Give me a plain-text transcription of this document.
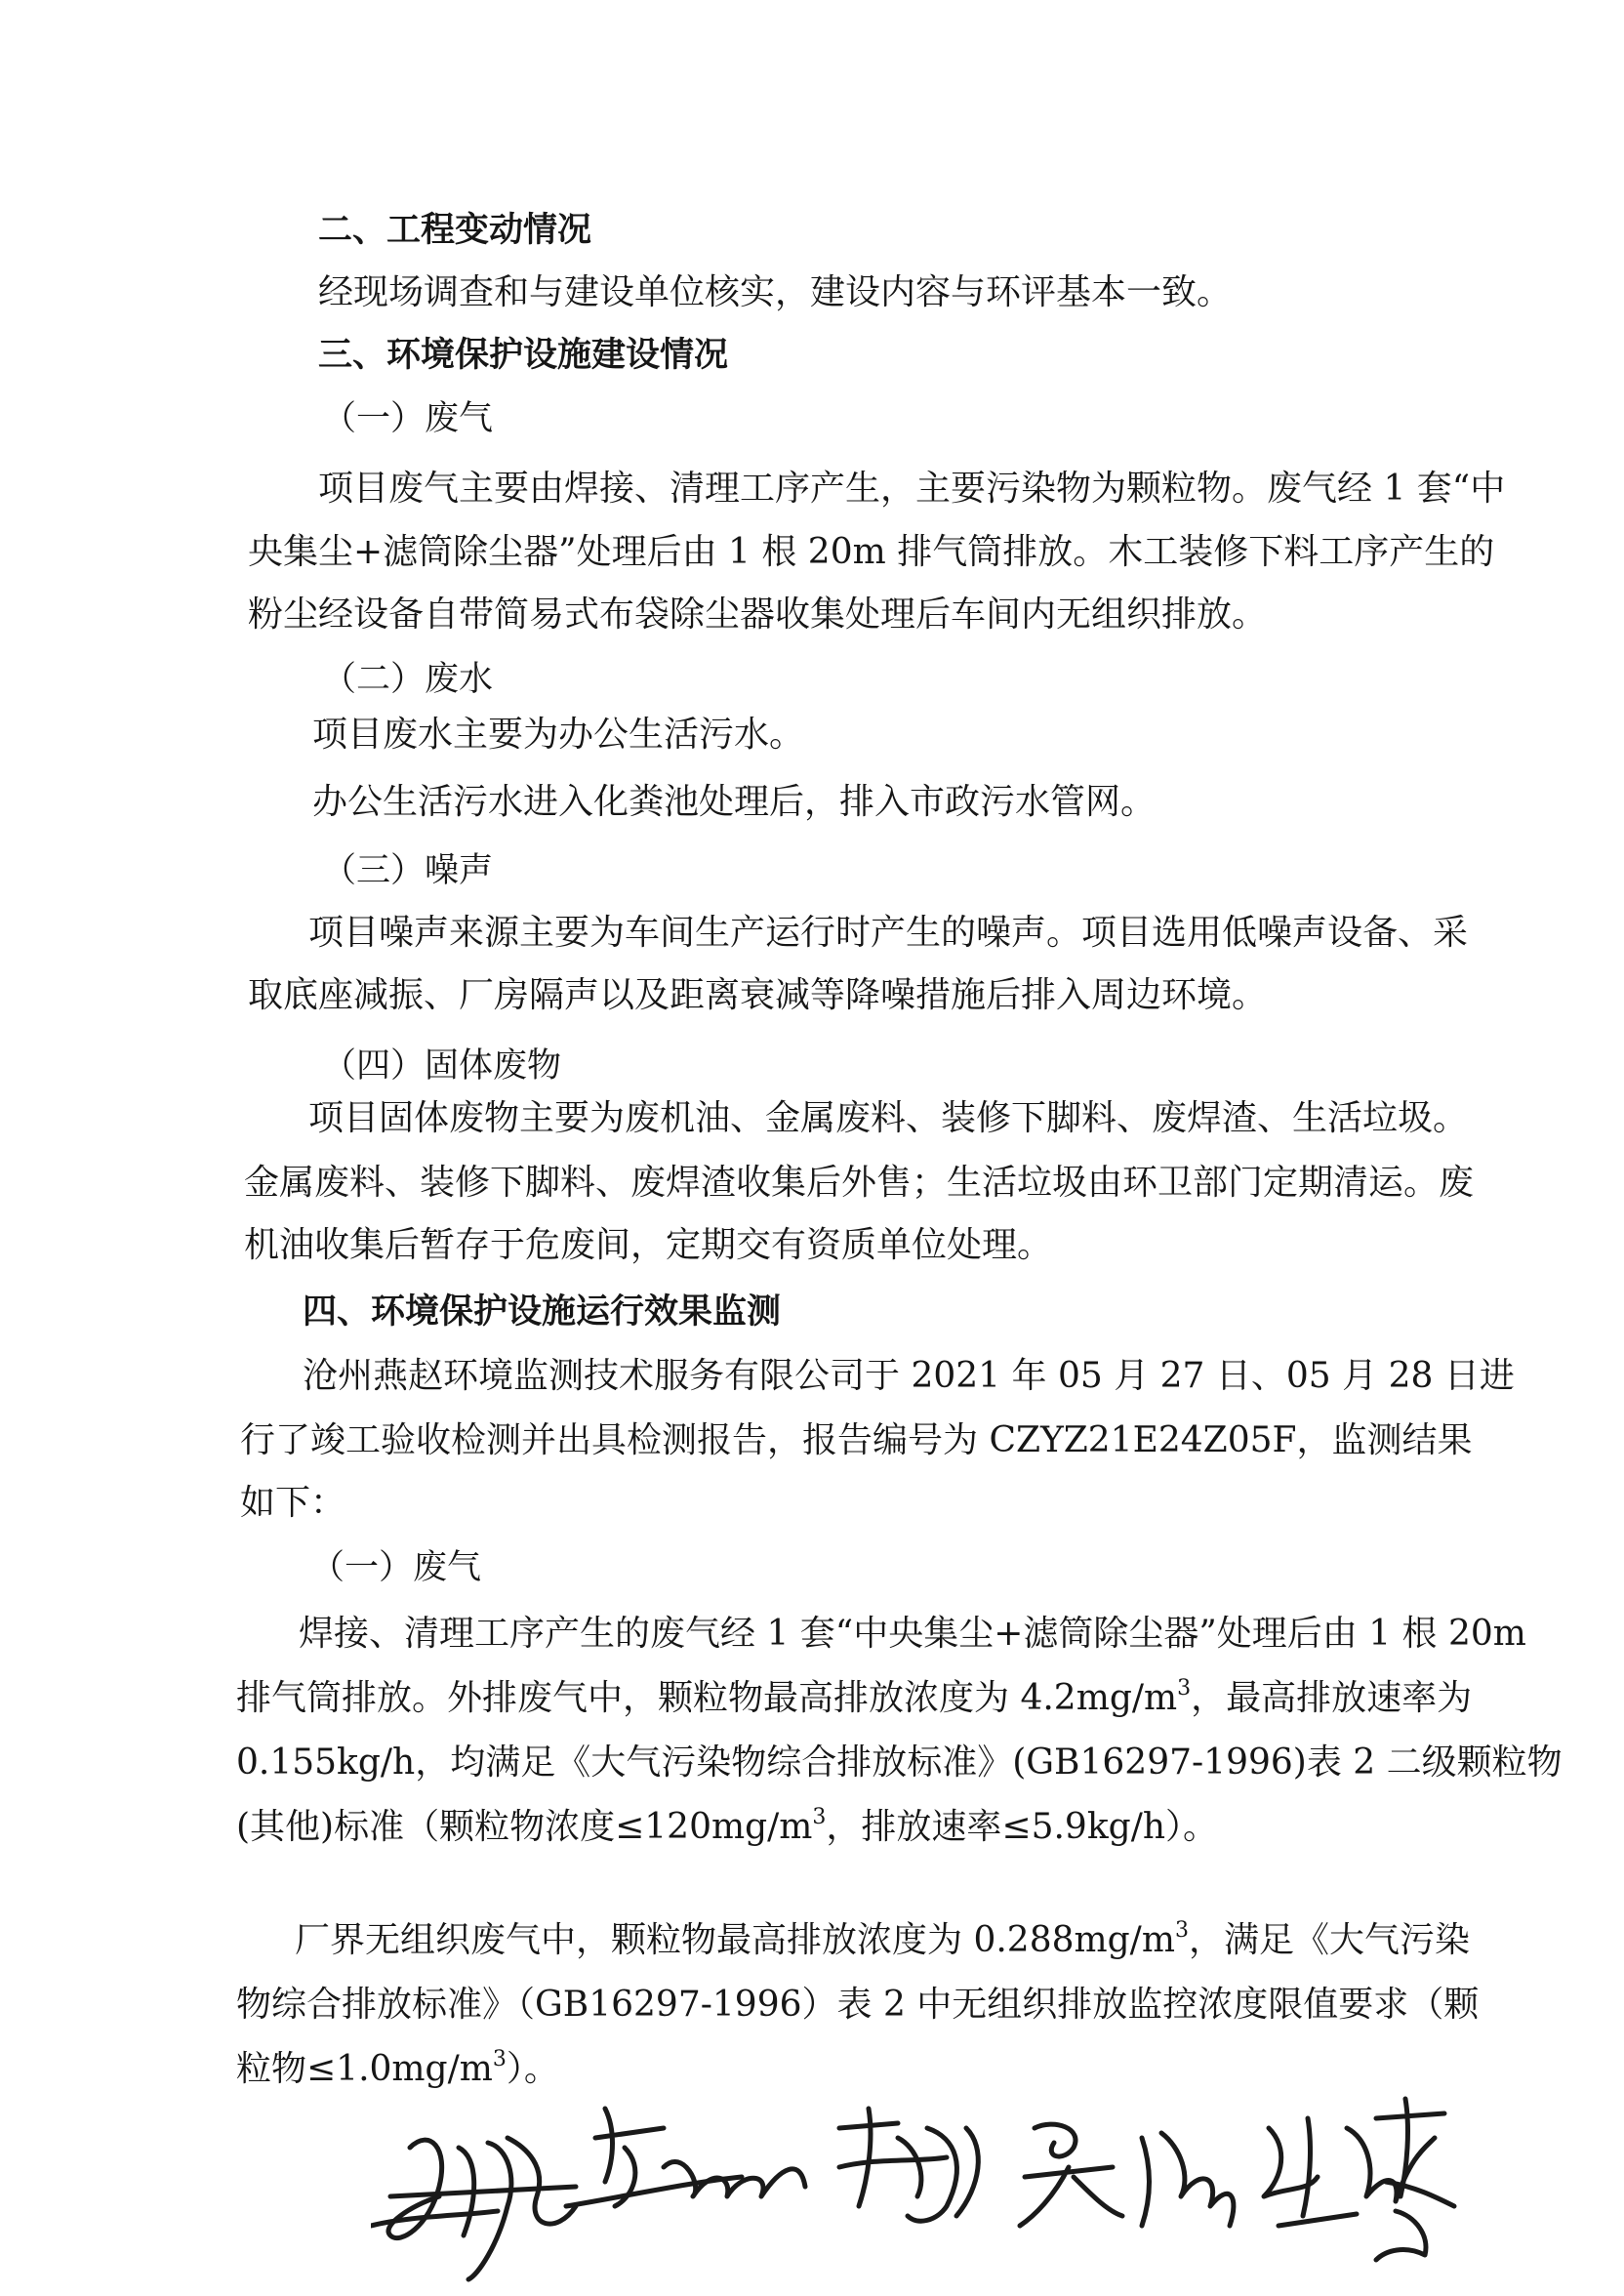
二、工程变动情况

经现场调查和与建设单位核实，建设内容与环评基本一致。

三、环境保护设施建设情况

（一）废气

项目废气主要由焊接、清理工序产生，主要污染物为颗粒物。废气经 1 套“中

央集尘+滤筒除尘器”处理后由 1 根 20m 排气筒排放。木工装修下料工序产生的

粉尘经设备自带简易式布袋除尘器收集处理后车间内无组织排放。

（二）废水

项目废水主要为办公生活污水。

办公生活污水进入化粪池处理后，排入市政污水管网。

（三）噪声

项目噪声来源主要为车间生产运行时产生的噪声。项目选用低噪声设备、采

取底座减振、厂房隔声以及距离衰减等降噪措施后排入周边环境。

（四）固体废物

项目固体废物主要为废机油、金属废料、装修下脚料、废焊渣、生活垃圾。

金属废料、装修下脚料、废焊渣收集后外售；生活垃圾由环卫部门定期清运。废

机油收集后暂存于危废间，定期交有资质单位处理。

四、环境保护设施运行效果监测

沧州燕赵环境监测技术服务有限公司于 2021 年 05 月 27 日、05 月 28 日进

行了竣工验收检测并出具检测报告，报告编号为 CZYZ21E24Z05F，监测结果

如下：

（一）废气

焊接、清理工序产生的废气经 1 套“中央集尘+滤筒除尘器”处理后由 1 根 20m

排气筒排放。外排废气中，颗粒物最高排放浓度为 $4.2mg/m^3$，最高排放速率为

0.155kg/h，均满足《大气污染物综合排放标准》(GB16297-1996)表 2 二级颗粒物

(其他)标准（颗粒物浓度$\le 120mg/m^3$，排放速率≤5.9kg/h）。

厂界无组织废气中，颗粒物最高排放浓度为 $0.288mg/m^3$，满足《大气污染

物综合排放标准》（GB16297-1996）表 2 中无组织排放监控浓度限值要求（颗

粒物$\le 1.0mg/m^3$）。
